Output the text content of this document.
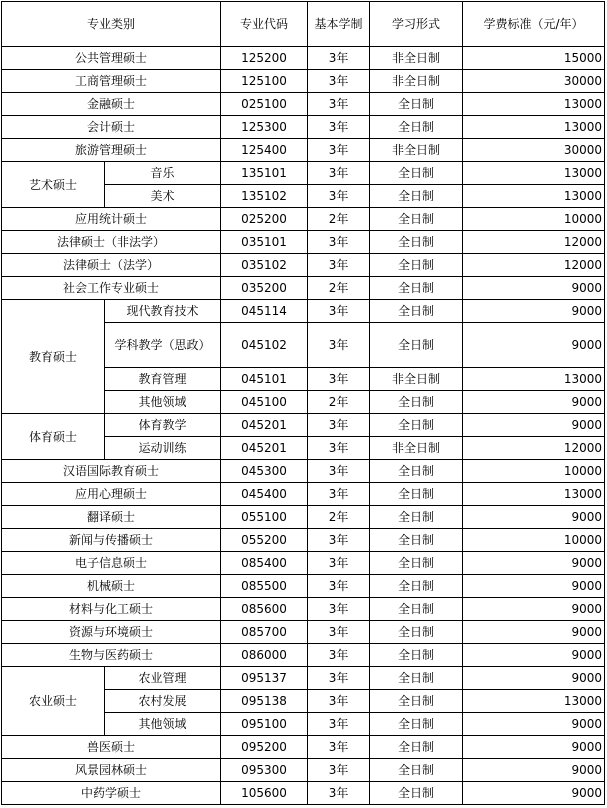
专业类别		专业代码	基本学制	学习形式	学费标准（元/年）
公共管理硕士		125200	3年	非全日制	15000
工商管理硕士		125100	3年	非全日制	30000
金融硕士		025100	3年	全日制	13000
会计硕士		125300	3年	全日制	13000
旅游管理硕士		125400	3年	非全日制	30000
艺术硕士	音乐	135101	3年	全日制	13000
	美术	135102	3年	全日制	13000
应用统计硕士		025200	2年	全日制	10000
法律硕士（非法学）		035101	3年	全日制	12000
法律硕士（法学）		035102	3年	全日制	12000
社会工作专业硕士		035200	2年	全日制	9000
教育硕士	现代教育技术	045114	3年	全日制	9000
	学科教学（思政）	045102	3年	全日制	9000
	教育管理	045101	3年	非全日制	13000
	其他领域	045100	2年	全日制	9000
体育硕士	体育教学	045201	3年	全日制	9000
	运动训练	045201	3年	非全日制	12000
汉语国际教育硕士		045300	3年	全日制	10000
应用心理硕士		045400	3年	全日制	13000
翻译硕士		055100	2年	全日制	9000
新闻与传播硕士		055200	3年	全日制	10000
电子信息硕士		085400	3年	全日制	9000
机械硕士		085500	3年	全日制	9000
材料与化工硕士		085600	3年	全日制	9000
资源与环境硕士		085700	3年	全日制	9000
生物与医药硕士		086000	3年	全日制	9000
农业硕士	农业管理	095137	3年	全日制	9000
	农村发展	095138	3年	全日制	13000
	其他领域	095100	3年	全日制	9000
兽医硕士		095200	3年	全日制	9000
风景园林硕士		095300	3年	全日制	9000
中药学硕士		105600	3年	全日制	9000
